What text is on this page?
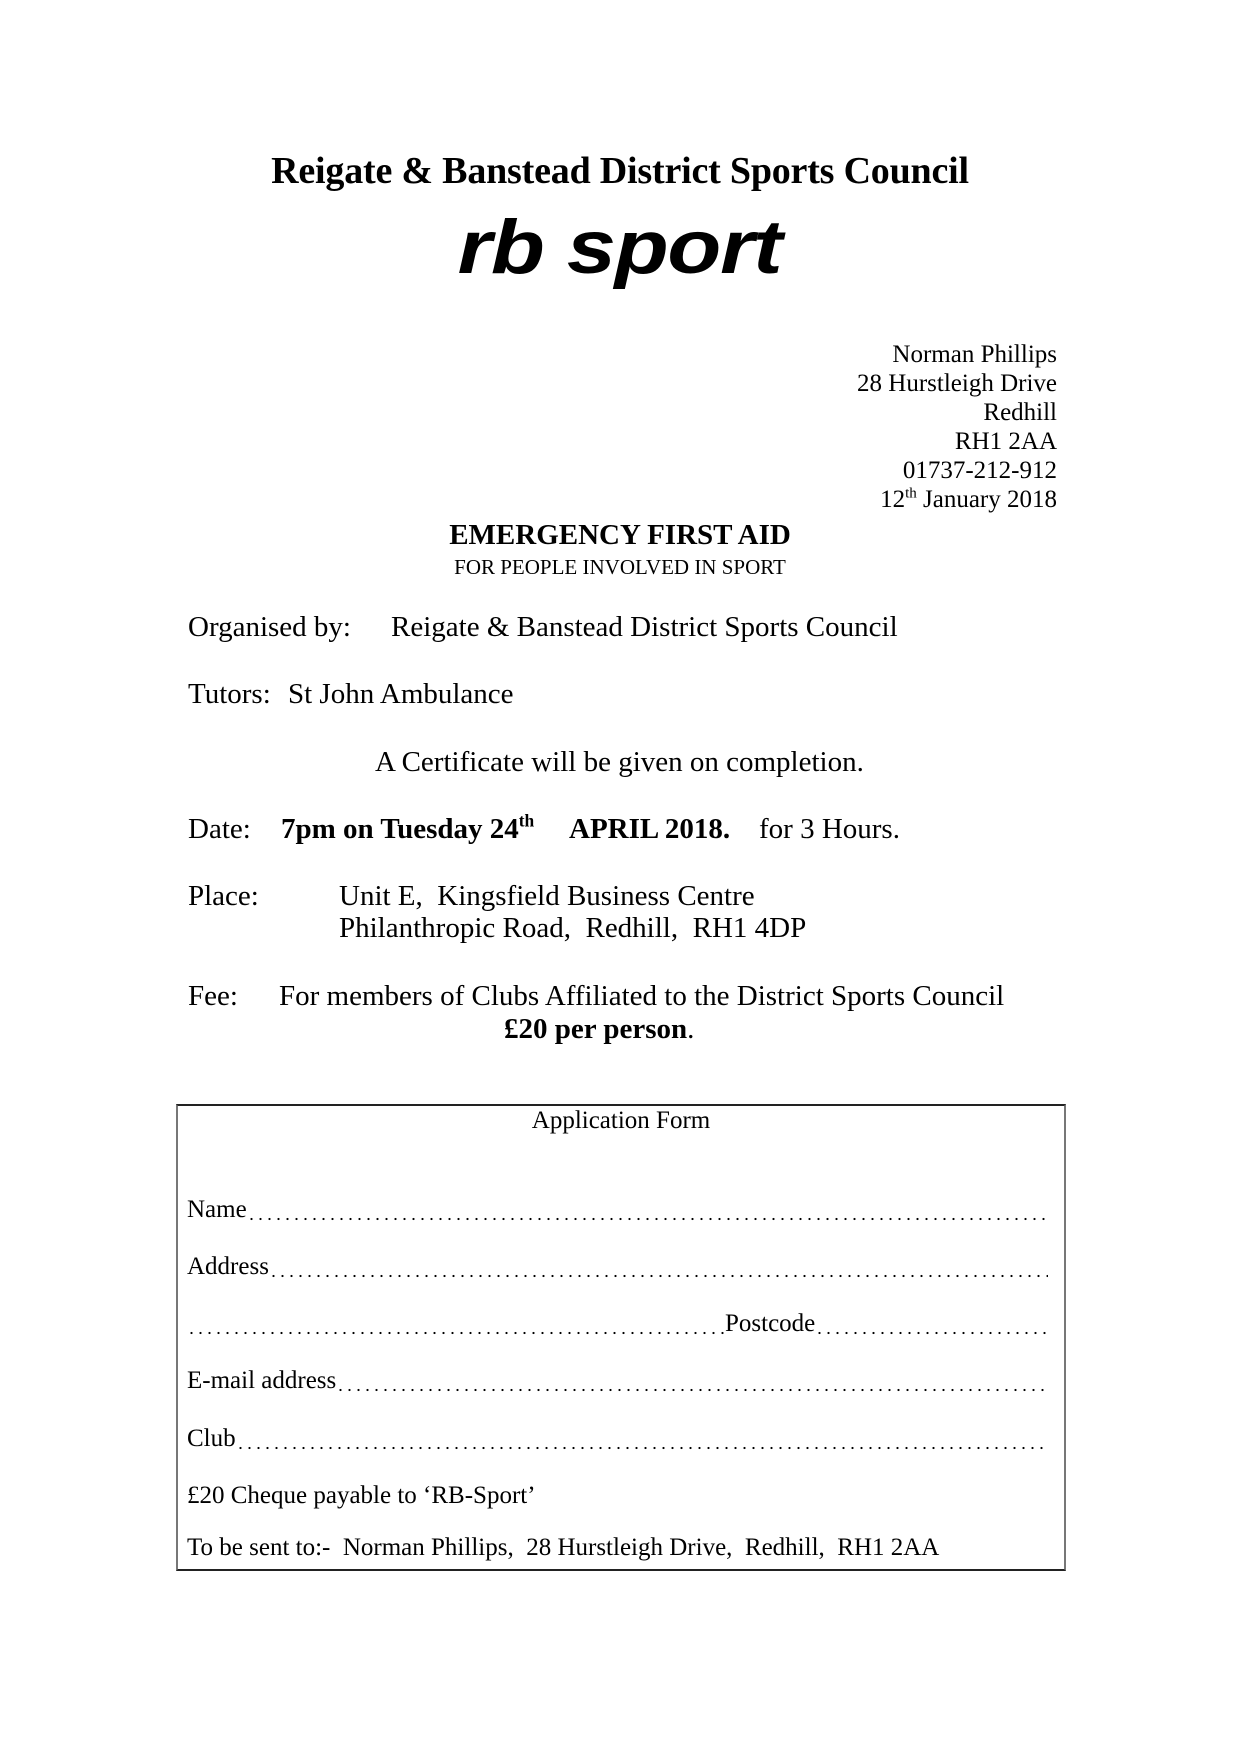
Reigate & Banstead District Sports Council
rb sport
Norman Phillips
28 Hurstleigh Drive
Redhill
RH1 2AA
01737-212-912
12th January 2018
EMERGENCY FIRST AID
FOR PEOPLE INVOLVED IN SPORT
Organised by: Reigate & Banstead District Sports Council
Tutors: St John Ambulance
A Certificate will be given on completion.
Date: 7pm on Tuesday 24th APRIL 2018. for 3 Hours.
Place:	Unit E,  Kingsfield Business Centre
Philanthropic Road,  Redhill,  RH1 4DP
Fee: For members of Clubs Affiliated to the District Sports Council
£20 per person.
Application Form
Name
Address
Postcode
E-mail address
Club
£20 Cheque payable to ‘RB-Sport’
To be sent to:-  Norman Phillips,  28 Hurstleigh Drive,  Redhill,  RH1 2AA
